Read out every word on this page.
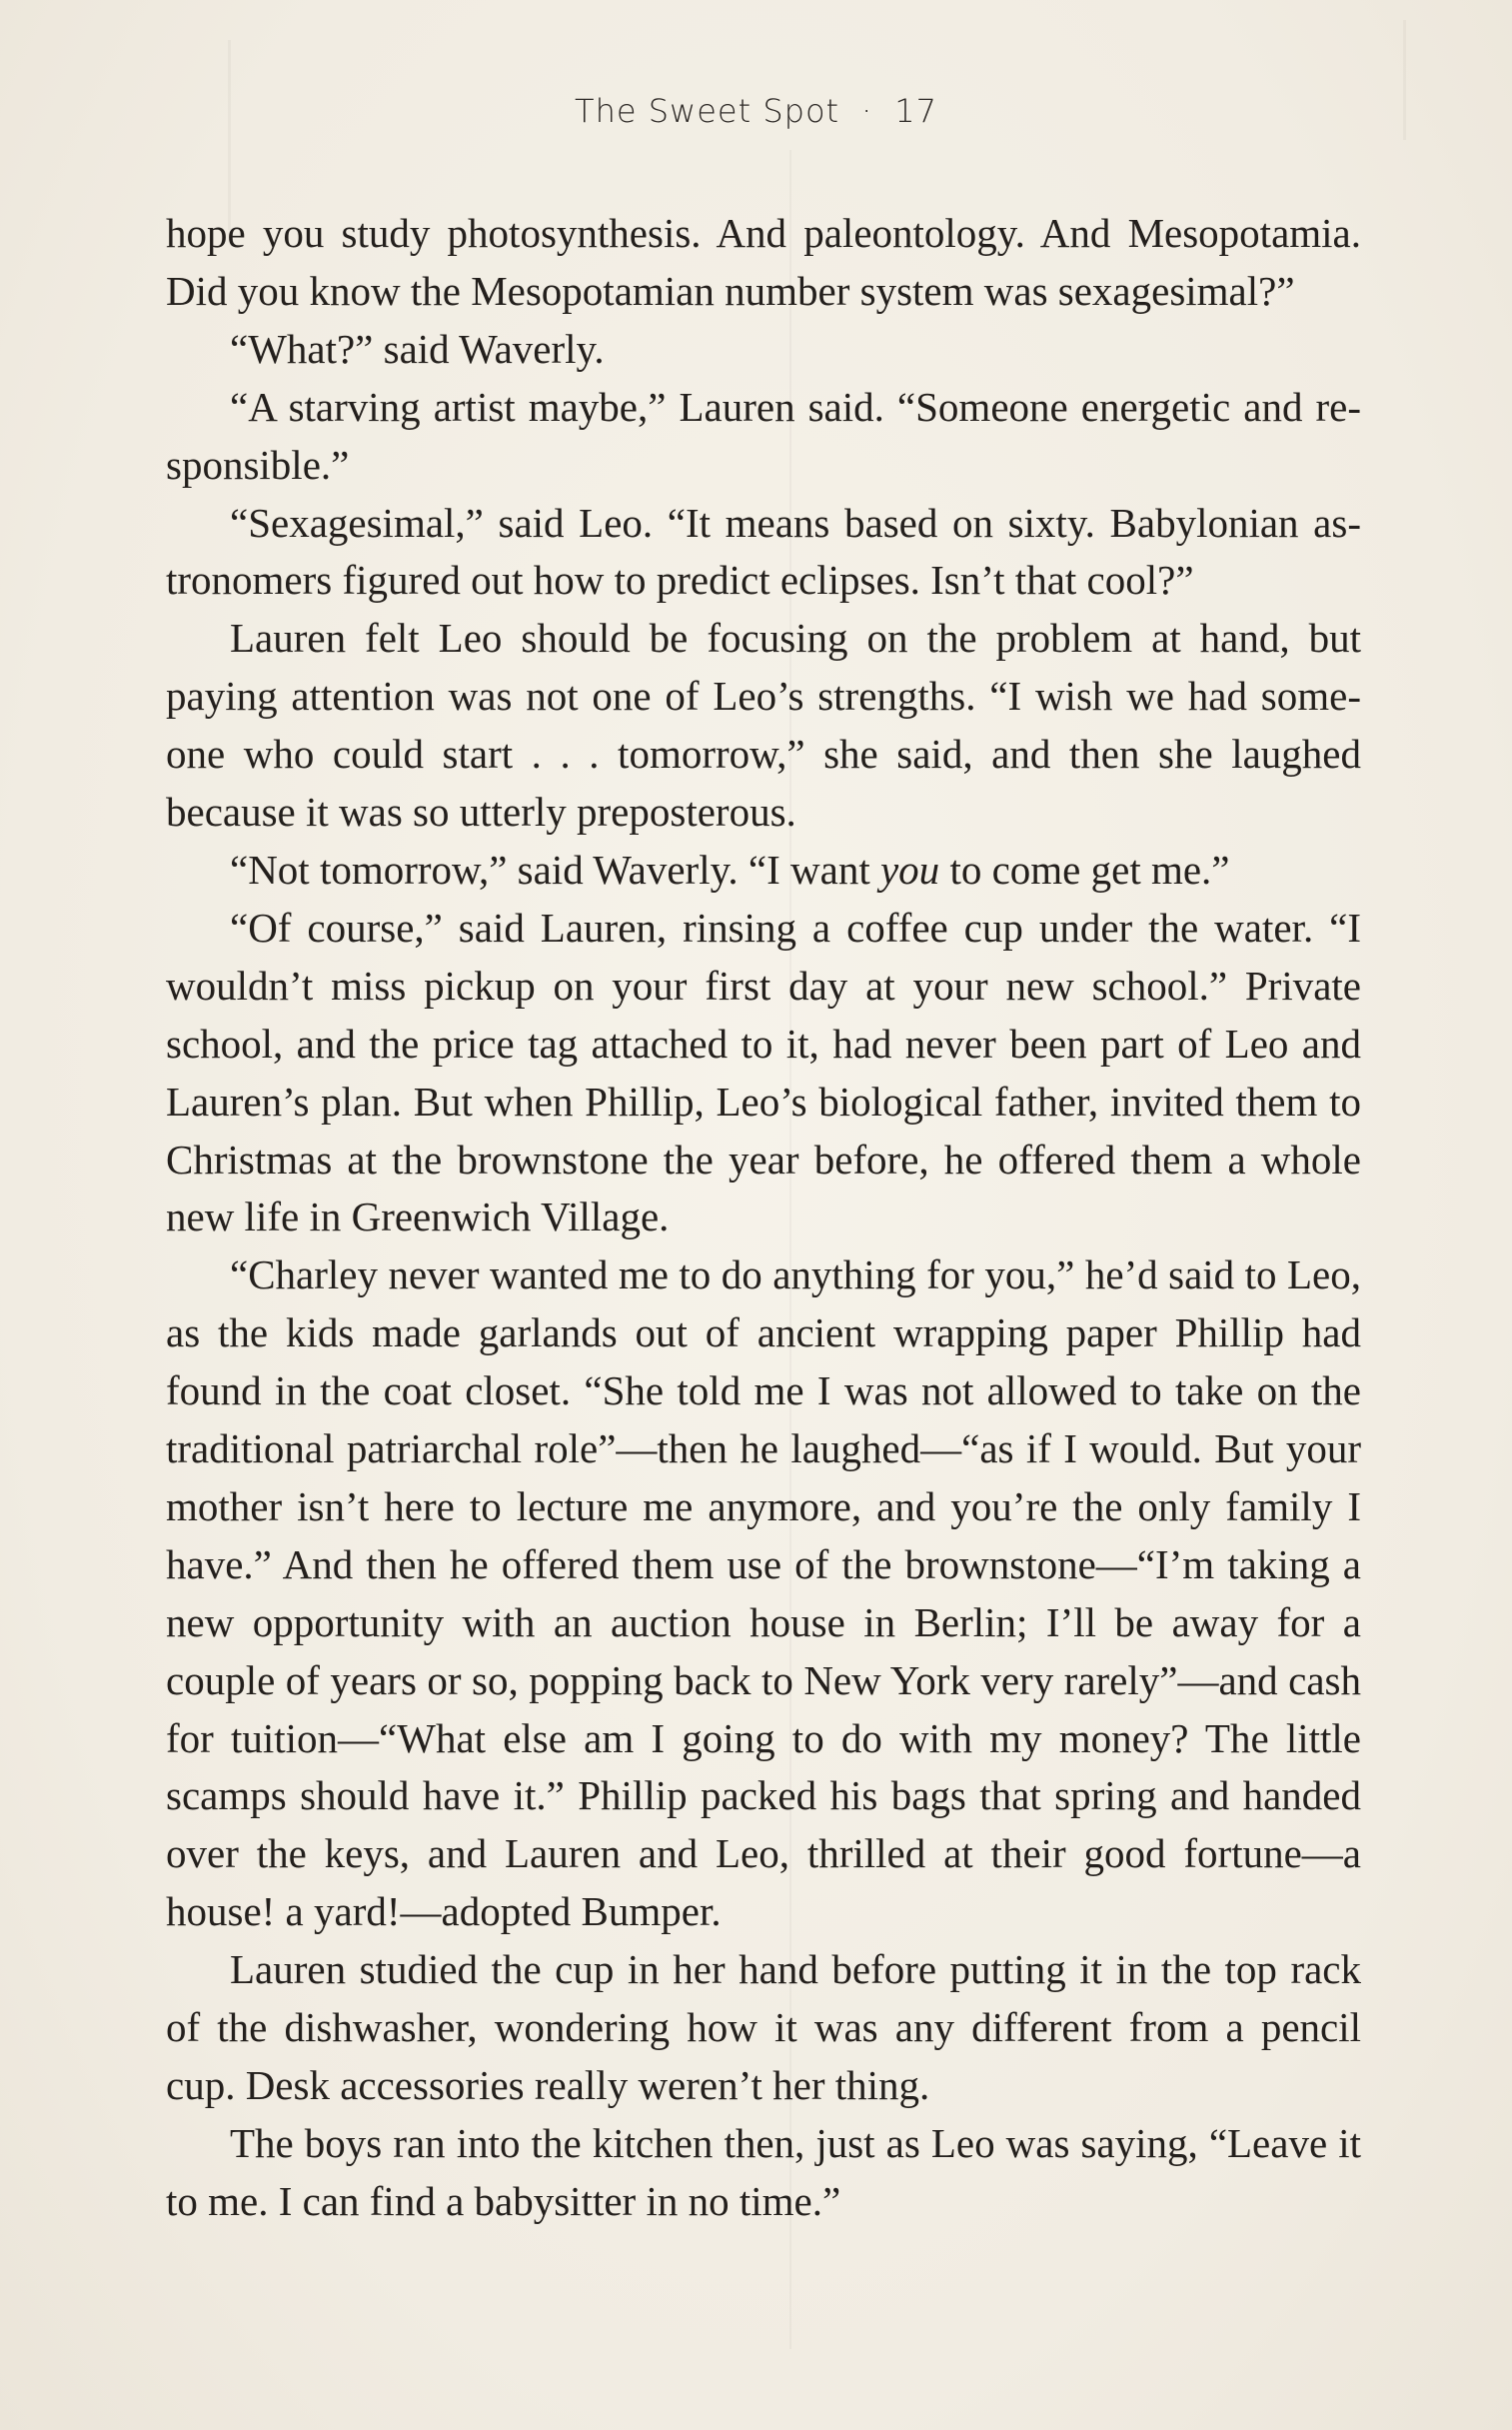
The Sweet Spot · 17

hope you study photosynthesis. And paleontology. And Mesopotamia. Did you know the Mesopotamian number system was sexagesimal?”

“What?” said Waverly.

“A starving artist maybe,” Lauren said. “Someone energetic and responsible.”

“Sexagesimal,” said Leo. “It means based on sixty. Babylonian astronomers figured out how to predict eclipses. Isn’t that cool?”

Lauren felt Leo should be focusing on the problem at hand, but paying attention was not one of Leo’s strengths. “I wish we had someone who could start . . . tomorrow,” she said, and then she laughed because it was so utterly preposterous.

“Not tomorrow,” said Waverly. “I want you to come get me.”

“Of course,” said Lauren, rinsing a coffee cup under the water. “I wouldn’t miss pickup on your first day at your new school.” Private school, and the price tag attached to it, had never been part of Leo and Lauren’s plan. But when Phillip, Leo’s biological father, invited them to Christmas at the brownstone the year before, he offered them a whole new life in Greenwich Village.

“Charley never wanted me to do anything for you,” he’d said to Leo, as the kids made garlands out of ancient wrapping paper Phillip had found in the coat closet. “She told me I was not allowed to take on the traditional patriarchal role”—then he laughed—“as if I would. But your mother isn’t here to lecture me anymore, and you’re the only family I have.” And then he offered them use of the brownstone—“I’m taking a new opportunity with an auction house in Berlin; I’ll be away for a couple of years or so, popping back to New York very rarely”—and cash for tuition—“What else am I going to do with my money? The little scamps should have it.” Phillip packed his bags that spring and handed over the keys, and Lauren and Leo, thrilled at their good fortune—a house! a yard!—adopted Bumper.

Lauren studied the cup in her hand before putting it in the top rack of the dishwasher, wondering how it was any different from a pencil cup. Desk accessories really weren’t her thing.

The boys ran into the kitchen then, just as Leo was saying, “Leave it to me. I can find a babysitter in no time.”
